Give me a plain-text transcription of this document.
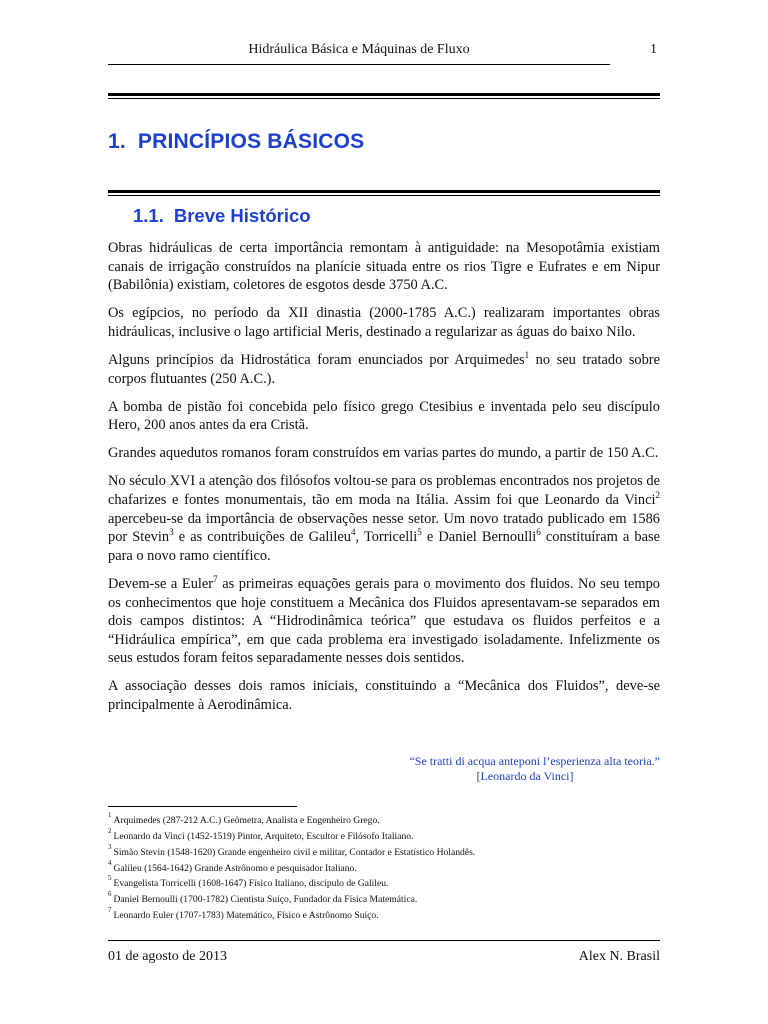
Hidráulica Básica e Máquinas de Fluxo	1
1. PRINCÍPIOS BÁSICOS
1.1. Breve Histórico

Obras hidráulicas de certa importância remontam à antiguidade: na Mesopotâmia existiam canais de irrigação construídos na planície situada entre os rios Tigre e Eufrates e em Nipur (Babilônia) existiam, coletores de esgotos desde 3750 A.C.

Os egípcios, no período da XII dinastia (2000-1785 A.C.) realizaram importantes obras hidráulicas, inclusive o lago artificial Meris, destinado a regularizar as águas do baixo Nilo.

Alguns princípios da Hidrostática foram enunciados por Arquimedes$^1$ no seu tratado sobre corpos flutuantes (250 A.C.).

A bomba de pistão foi concebida pelo físico grego Ctesibius e inventada pelo seu discípulo Hero, 200 anos antes da era Cristã.

Grandes aquedutos romanos foram construídos em varias partes do mundo, a partir de 150 A.C.

No século XVI a atenção dos filósofos voltou-se para os problemas encontrados nos projetos de chafarizes e fontes monumentais, tão em moda na Itália. Assim foi que Leonardo da Vinci$^2$ apercebeu-se da importância de observações nesse setor. Um novo tratado publicado em 1586 por Stevin$^3$ e as contribuições de Galileu$^4$, Torricelli$^5$ e Daniel Bernoulli$^6$ constituíram a base para o novo ramo científico.

Devem-se a Euler$^7$ as primeiras equações gerais para o movimento dos fluidos. No seu tempo os conhecimentos que hoje constituem a Mecânica dos Fluidos apresentavam-se separados em dois campos distintos: A “Hidrodinâmica teórica” que estudava os fluidos perfeitos e a “Hidráulica empírica”, em que cada problema era investigado isoladamente. Infelizmente os seus estudos foram feitos separadamente nesses dois sentidos.

A associação desses dois ramos iniciais, constituindo a “Mecânica dos Fluidos”, deve-se principalmente à Aerodinâmica.

“Se tratti di acqua anteponi l’esperienza alta teoria.”
[Leonardo da Vinci]
$^1$ Arquimedes (287-212 A.C.) Geômetra, Analista e Engenheiro Grego.
$^2$ Leonardo da Vinci (1452-1519) Pintor, Arquiteto, Escultor e Filósofo Italiano.
$^3$ Simão Stevin (1548-1620) Grande engenheiro civil e militar, Contador e Estatístico Holandês.
$^4$ Galileu (1564-1642) Grande Astrônomo e pesquisador Italiano.
$^5$ Evangelista Torricelli (1608-1647) Físico Italiano, discípulo de Galileu.
$^6$ Daniel Bernoulli (1700-1782) Cientista Suíço, Fundador da Física Matemática.
$^7$ Leonardo Euler (1707-1783) Matemático, Físico e Astrônomo Suíço.
01 de agosto de 2013	Alex N. Brasil
